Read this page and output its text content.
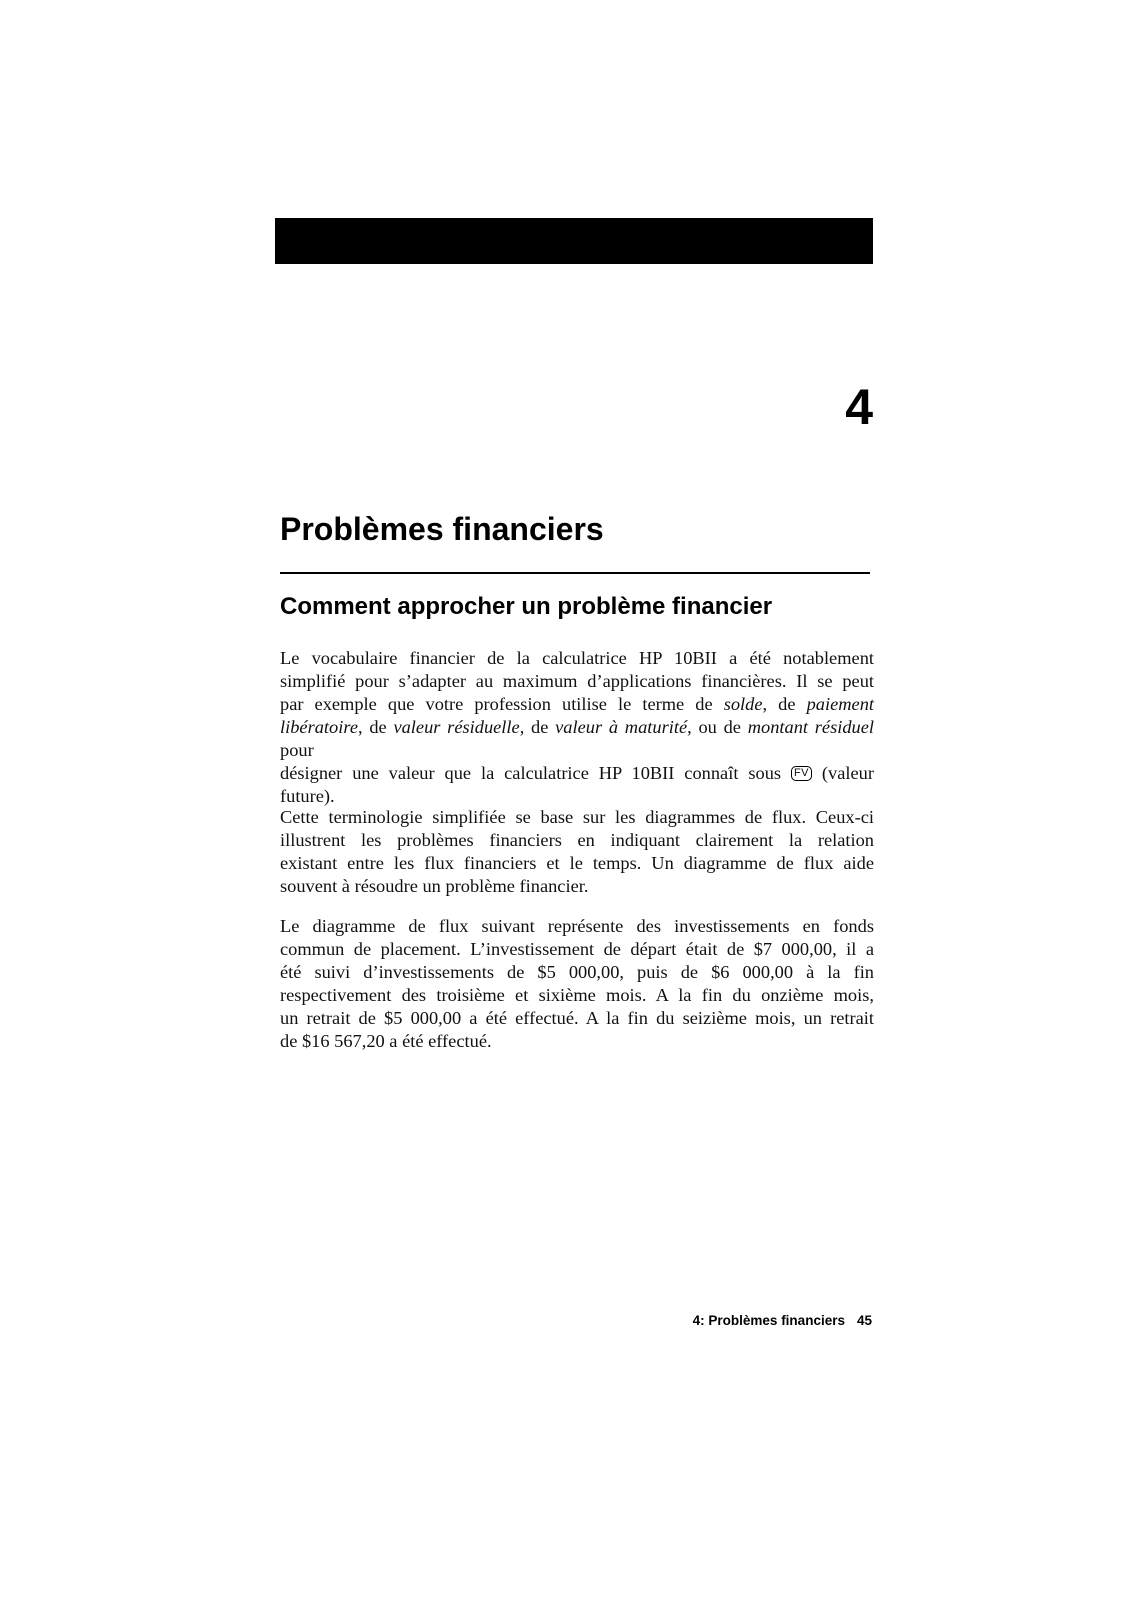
4
Problèmes financiers
Comment approcher un problème financier

Le vocabulaire financier de la calculatrice HP 10BII a été notablement
simplifié pour s’adapter au maximum d’applications financières. Il se peut
par exemple que votre profession utilise le terme de solde, de paiement
libératoire, de valeur résiduelle, de valeur à maturité, ou de montant résiduel pour
désigner une valeur que la calculatrice HP 10BII connaît sous FV (valeur
future).

Cette terminologie simplifiée se base sur les diagrammes de flux. Ceux-ci
illustrent les problèmes financiers en indiquant clairement la relation
existant entre les flux financiers et le temps. Un diagramme de flux aide
souvent à résoudre un problème financier.

Le diagramme de flux suivant représente des investissements en fonds
commun de placement. L’investissement de départ était de $7 000,00, il a
été suivi d’investissements de $5 000,00, puis de $6 000,00 à la fin
respectivement des troisième et sixième mois. A la fin du onzième mois,
un retrait de $5 000,00 a été effectué. A la fin du seizième mois, un retrait
de $16 567,20 a été effectué.

4: Problèmes financiers 45
